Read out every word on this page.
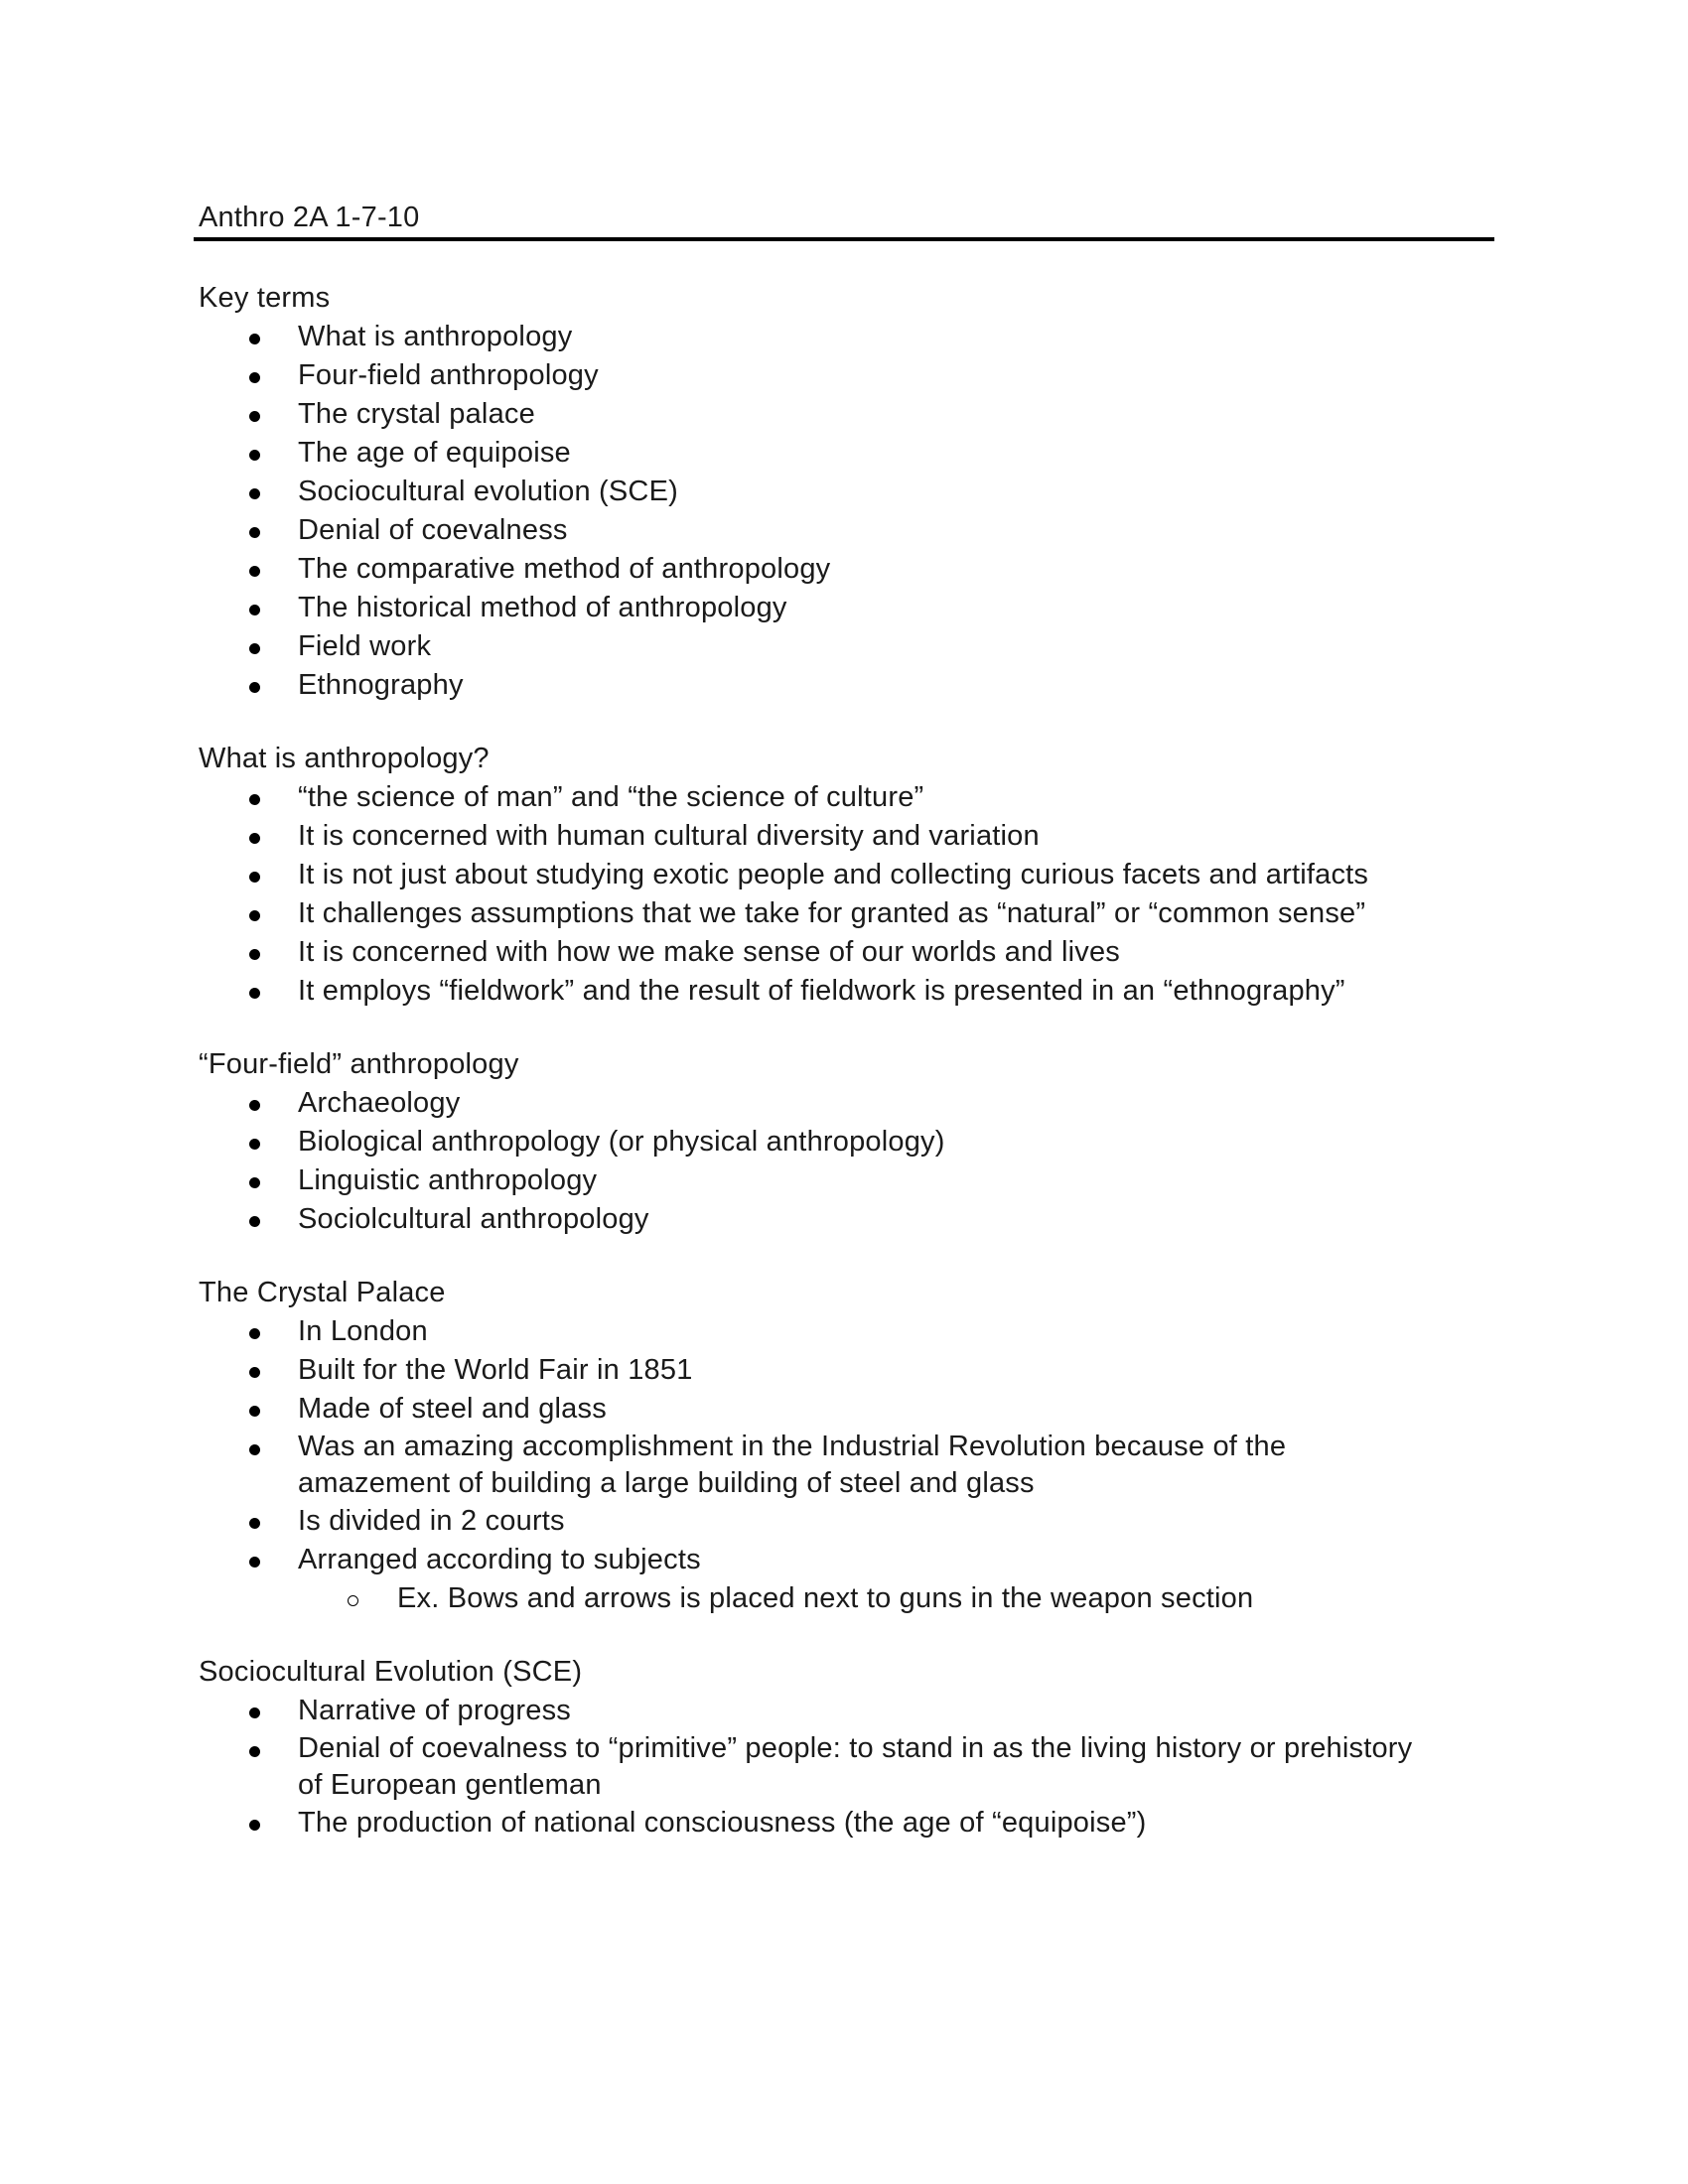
Anthro 2A 1-7-10

Key terms

What is anthropology
Four-field anthropology
The crystal palace
The age of equipoise
Sociocultural evolution (SCE)
Denial of coevalness
The comparative method of anthropology
The historical method of anthropology
Field work
Ethnography

What is anthropology?

“the science of man” and “the science of culture”
It is concerned with human cultural diversity and variation
It is not just about studying exotic people and collecting curious facets and artifacts
It challenges assumptions that we take for granted as “natural” or “common sense”
It is concerned with how we make sense of our worlds and lives
It employs “fieldwork” and the result of fieldwork is presented in an “ethnography”

“Four-field” anthropology

Archaeology
Biological anthropology (or physical anthropology)
Linguistic anthropology
Sociolcultural anthropology

The Crystal Palace

In London
Built for the World Fair in 1851
Made of steel and glass
Was an amazing accomplishment in the Industrial Revolution because of the amazement of building a large building of steel and glass
Is divided in 2 courts
Arranged according to subjects
Ex. Bows and arrows is placed next to guns in the weapon section

Sociocultural Evolution (SCE)

Narrative of progress
Denial of coevalness to “primitive” people: to stand in as the living history or prehistory of European gentleman
The production of national consciousness (the age of “equipoise”)
